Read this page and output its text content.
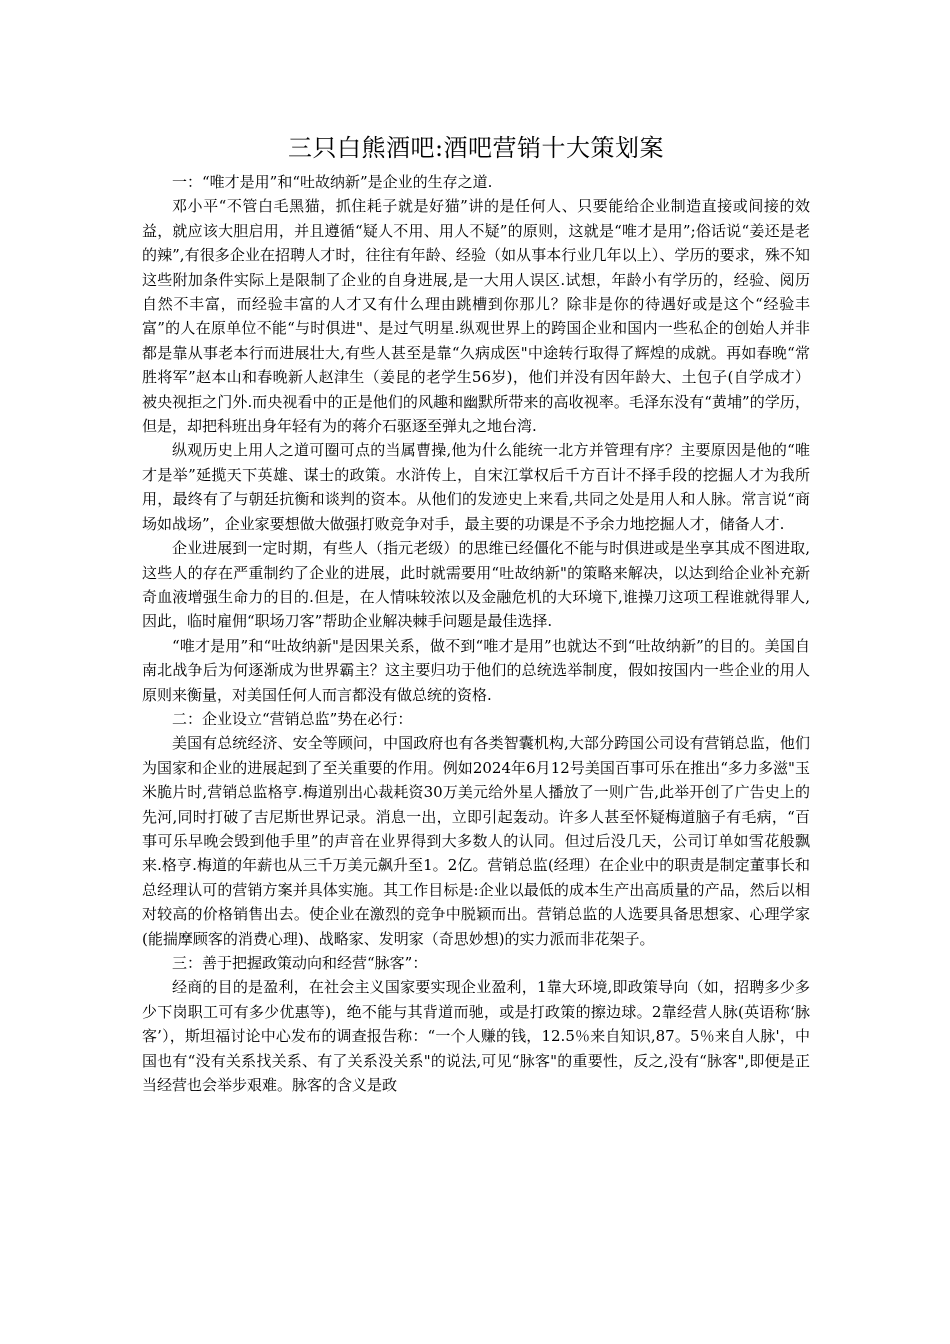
三只白熊酒吧:酒吧营销十大策划案

一：“唯才是用”和“吐故纳新”是企业的生存之道.

邓小平“不管白毛黑猫，抓住耗子就是好猫”讲的是任何人、只要能给企业制造直接或间接的效益，就应该大胆启用，并且遵循“疑人不用、用人不疑”的原则，这就是“唯才是用”;俗话说“姜还是老的辣”,有很多企业在招聘人才时，往往有年龄、经验（如从事本行业几年以上）、学历的要求，殊不知这些附加条件实际上是限制了企业的自身进展,是一大用人误区.试想，年龄小有学历的，经验、阅历自然不丰富，而经验丰富的人才又有什么理由跳槽到你那儿？除非是你的待遇好或是这个“经验丰富”的人在原单位不能“与时俱进"、是过气明星.纵观世界上的跨国企业和国内一些私企的创始人并非都是靠从事老本行而进展壮大,有些人甚至是靠“久病成医"中途转行取得了辉煌的成就。再如春晚“常胜将军”赵本山和春晚新人赵津生（姜昆的老学生56岁)，他们并没有因年龄大、土包子(自学成才）被央视拒之门外.而央视看中的正是他们的风趣和幽默所带来的高收视率。毛泽东没有“黄埔”的学历，但是，却把科班出身年轻有为的蒋介石驱逐至弹丸之地台湾.

纵观历史上用人之道可圈可点的当属曹操,他为什么能统一北方并管理有序？主要原因是他的“唯才是举”延揽天下英雄、谋士的政策。水浒传上，自宋江掌权后千方百计不择手段的挖掘人才为我所用，最终有了与朝廷抗衡和谈判的资本。从他们的发迹史上来看,共同之处是用人和人脉。常言说“商场如战场”，企业家要想做大做强打败竞争对手，最主要的功课是不予余力地挖掘人才，储备人才.

企业进展到一定时期，有些人（指元老级）的思维已经僵化不能与时俱进或是坐享其成不图进取,这些人的存在严重制约了企业的进展，此时就需要用“吐故纳新"的策略来解决，以达到给企业补充新奇血液增强生命力的目的.但是，在人情味较浓以及金融危机的大环境下,谁操刀这项工程谁就得罪人,因此，临时雇佣“职场刀客”帮助企业解决棘手问题是最佳选择.

“唯才是用”和“吐故纳新"是因果关系，做不到“唯才是用”也就达不到“吐故纳新”的目的。美国自南北战争后为何逐渐成为世界霸主？这主要归功于他们的总统选举制度，假如按国内一些企业的用人原则来衡量，对美国任何人而言都没有做总统的资格.

二：企业设立“营销总监”势在必行：

美国有总统经济、安全等顾问，中国政府也有各类智囊机构,大部分跨国公司设有营销总监，他们为国家和企业的进展起到了至关重要的作用。例如2024年6月12号美国百事可乐在推出“多力多滋"玉米脆片时,营销总监格亨.梅道别出心裁耗资30万美元给外星人播放了一则广告,此举开创了广告史上的先河,同时打破了吉尼斯世界记录。消息一出，立即引起轰动。许多人甚至怀疑梅道脑子有毛病，“百事可乐早晚会毁到他手里”的声音在业界得到大多数人的认同。但过后没几天，公司订单如雪花般飘来.格亨.梅道的年薪也从三千万美元飙升至1。2亿。营销总监(经理）在企业中的职责是制定董事长和总经理认可的营销方案并具体实施。其工作目标是:企业以最低的成本生产出高质量的产品，然后以相对较高的价格销售出去。使企业在激烈的竞争中脱颖而出。营销总监的人选要具备思想家、心理学家(能揣摩顾客的消费心理)、战略家、发明家（奇思妙想)的实力派而非花架子。

三：善于把握政策动向和经营“脉客”：

经商的目的是盈利，在社会主义国家要实现企业盈利，1靠大环境,即政策导向（如，招聘多少多少下岗职工可有多少优惠等)，绝不能与其背道而驰，或是打政策的擦边球。2靠经营人脉(英语称‘脉客’），斯坦福讨论中心发布的调查报告称：“一个人赚的钱，12.5％来自知识,87。5％来自人脉'，中国也有“没有关系找关系、有了关系没关系"的说法,可见“脉客"的重要性，反之,没有“脉客",即便是正当经营也会举步艰难。脉客的含义是政
